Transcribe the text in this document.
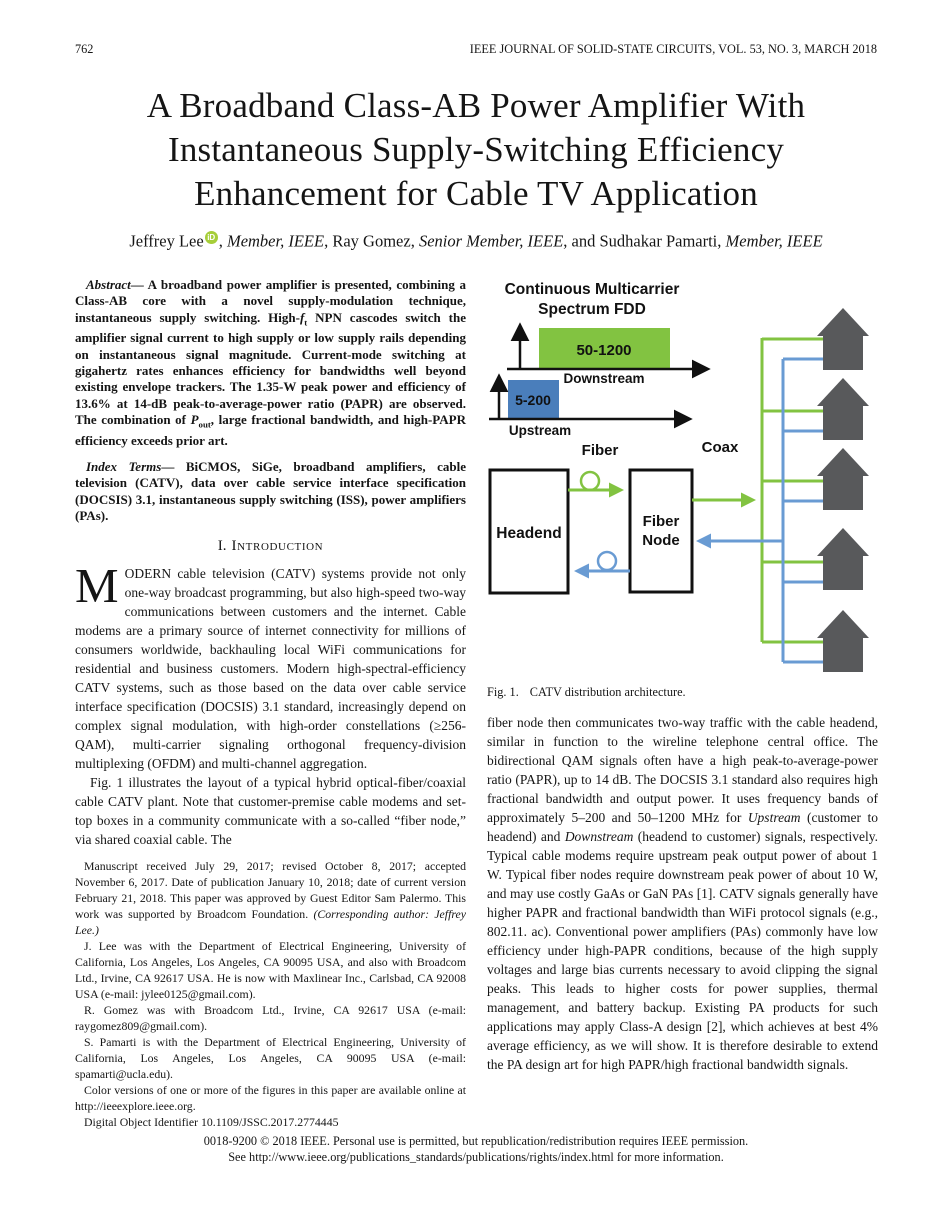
762	IEEE JOURNAL OF SOLID-STATE CIRCUITS, VOL. 53, NO. 3, MARCH 2018
A Broadband Class-AB Power Amplifier With
Instantaneous Supply-Switching Efficiency
Enhancement for Cable TV Application
Jeffrey Lee iD , Member, IEEE, Ray Gomez, Senior Member, IEEE, and Sudhakar Pamarti, Member, IEEE

Abstract— A broadband power amplifier is presented, combining a Class-AB core with a novel supply-modulation technique, instantaneous supply switching. High-$f_t$ NPN cascodes switch the amplifier signal current to high supply or low supply rails depending on instantaneous signal magnitude. Current-mode switching at gigahertz rates enhances efficiency for bandwidths well beyond existing envelope trackers. The 1.35-W peak power and efficiency of 13.6% at 14-dB peak-to-average-power ratio (PAPR) are observed. The combination of $P_{out}$, large fractional bandwidth, and high-PAPR efficiency exceeds prior art.

Index Terms— BiCMOS, SiGe, broadband amplifiers, cable television (CATV), data over cable service interface specification (DOCSIS) 3.1, instantaneous supply switching (ISS), power amplifiers (PAs).

I. Introduction

MODERN cable television (CATV) systems provide not only one-way broadcast programming, but also high-speed two-way communications between customers and the internet. Cable modems are a primary source of internet connectivity for millions of consumers worldwide, backhauling local WiFi communications for residential and business customers. Modern high-spectral-efficiency CATV systems, such as those based on the data over cable service interface specification (DOCSIS) 3.1 standard, increasingly depend on complex signal modulation, with high-order constellations (≥256-QAM), multi-carrier signaling orthogonal frequency-division multiplexing (OFDM) and multi-channel aggregation.

Fig. 1 illustrates the layout of a typical hybrid optical-fiber/coaxial cable CATV plant. Note that customer-premise cable modems and set-top boxes in a community communicate with a so-called “fiber node,” via shared coaxial cable. The

Manuscript received July 29, 2017; revised October 8, 2017; accepted November 6, 2017. Date of publication January 10, 2018; date of current version February 21, 2018. This paper was approved by Guest Editor Sam Palermo. This work was supported by Broadcom Foundation. (Corresponding author: Jeffrey Lee.)

J. Lee was with the Department of Electrical Engineering, University of California, Los Angeles, Los Angeles, CA 90095 USA, and also with Broadcom Ltd., Irvine, CA 92617 USA. He is now with Maxlinear Inc., Carlsbad, CA 92008 USA (e-mail: jylee0125@gmail.com).

R. Gomez was with Broadcom Ltd., Irvine, CA 92617 USA (e-mail: raygomez809@gmail.com).

S. Pamarti is with the Department of Electrical Engineering, University of California, Los Angeles, Los Angeles, CA 90095 USA (e-mail: spamarti@ucla.edu).

Color versions of one or more of the figures in this paper are available online at http://ieeexplore.ieee.org.

Digital Object Identifier 10.1109/JSSC.2017.2774445

Continuous Multicarrier
Spectrum FDD
50-1200
Downstream
5-200
Upstream
Fiber	Coax
Headend
Fiber
Node

Fig. 1. CATV distribution architecture.

fiber node then communicates two-way traffic with the cable headend, similar in function to the wireline telephone central office. The bidirectional QAM signals often have a high peak-to-average-power ratio (PAPR), up to 14 dB. The DOCSIS 3.1 standard also requires high fractional bandwidth and output power. It uses frequency bands of approximately 5–200 and 50–1200 MHz for Upstream (customer to headend) and Downstream (headend to customer) signals, respectively. Typical cable modems require upstream peak output power of about 1 W. Typical fiber nodes require downstream peak power of about 10 W, and may use costly GaAs or GaN PAs [1]. CATV signals generally have higher PAPR and fractional bandwidth than WiFi protocol signals (e.g., 802.11. ac). Conventional power amplifiers (PAs) commonly have low efficiency under high-PAPR conditions, because of the high supply voltages and large bias currents necessary to avoid clipping the signal peaks. This leads to higher costs for power supplies, thermal management, and battery backup. Existing PA products for such applications may apply Class-A design [2], which achieves at best 4% average efficiency, as we will show. It is therefore desirable to extend the PA design art for high PAPR/high fractional bandwidth signals.

0018-9200 © 2018 IEEE. Personal use is permitted, but republication/redistribution requires IEEE permission.
See http://www.ieee.org/publications_standards/publications/rights/index.html for more information.
